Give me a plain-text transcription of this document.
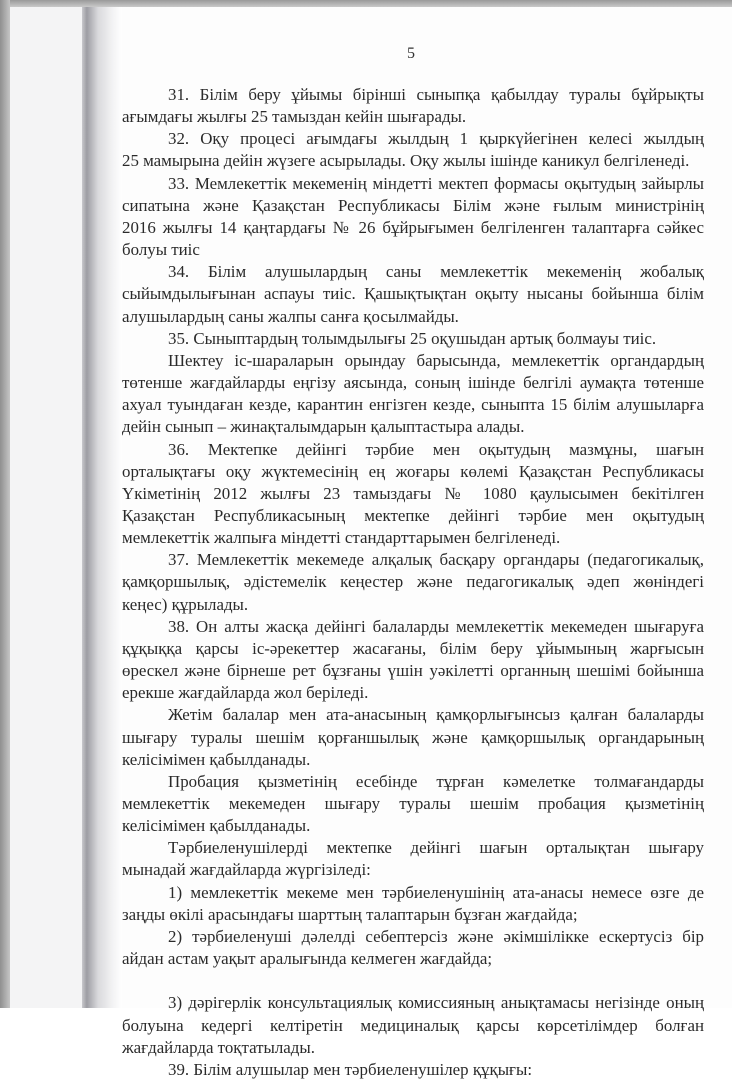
5
31. Білім беру ұйымы бірінші сыныпқа қабылдау туралы бұйрықты
ағымдағы жылғы 25 тамыздан кейін шығарады.
32. Оқу процесі ағымдағы жылдың 1 қыркүйегінен келесі жылдың
25 мамырына дейін жүзеге асырылады. Оқу жылы ішінде каникул белгіленеді.
33. Мемлекеттік мекеменің міндетті мектеп формасы оқытудың зайырлы
сипатына және Қазақстан Республикасы Білім және ғылым министрінің
2016 жылғы 14 қаңтардағы № 26 бұйрығымен белгіленген талаптарға сәйкес
болуы тиіс
34. Білім алушылардың саны мемлекеттік мекеменің жобалық
сыйымдылығынан аспауы тиіс. Қашықтықтан оқыту нысаны бойынша білім
алушылардың саны жалпы санға қосылмайды.
35. Сыныптардың толымдылығы 25 оқушыдан артық болмауы тиіс.
Шектеу іс-шараларын орындау барысында, мемлекеттік органдардың
төтенше жағдайларды еңгізу аясында, соның ішінде белгілі аумақта төтенше
ахуал туындаған кезде, карантин енгізген кезде, сыныпта 15 білім алушыларға
дейін сынып – жинақталымдарын қалыптастыра алады.
36. Мектепке дейінгі тәрбие мен оқытудың мазмұны, шағын
орталықтағы оқу жүктемесінің ең жоғары көлемі Қазақстан Республикасы
Үкіметінің 2012 жылғы 23 тамыздағы № 1080 қаулысымен бекітілген
Қазақстан Республикасының мектепке дейінгі тәрбие мен оқытудың
мемлекеттік жалпыға міндетті стандарттарымен белгіленеді.
37. Мемлекеттік мекемеде алқалық басқару органдары (педагогикалық,
қамқоршылық, әдістемелік кеңестер және педагогикалық әдеп жөніндегі
кеңес) құрылады.
38. Он алты жасқа дейінгі балаларды мемлекеттік мекемеден шығаруға
құқыққа қарсы іс-әрекеттер жасағаны, білім беру ұйымының жарғысын
өрескел және бірнеше рет бұзғаны үшін уәкілетті органның шешімі бойынша
ерекше жағдайларда жол беріледі.
Жетім балалар мен ата-анасының қамқорлығынсыз қалған балаларды
шығару туралы шешім қорғаншылық және қамқоршылық органдарының
келісімімен қабылданады.
Пробация қызметінің есебінде тұрған кәмелетке толмағандарды
мемлекеттік мекемеден шығару туралы шешім пробация қызметінің
келісімімен қабылданады.
Тәрбиеленушілерді мектепке дейінгі шағын орталықтан шығару
мынадай жағдайларда жүргізіледі:
1) мемлекеттік мекеме мен тәрбиеленушінің ата-анасы немесе өзге де
заңды өкілі арасындағы шарттың талаптарын бұзған жағдайда;
2) тәрбиеленуші дәлелді себептерсіз және әкімшілікке ескертусіз бір
айдан астам уақыт аралығында келмеген жағдайда;
3) дәрігерлік консультациялық комиссияның анықтамасы негізінде оның
болуына кедергі келтіретін медициналық қарсы көрсетілімдер болған
жағдайларда тоқтатылады.
39. Білім алушылар мен тәрбиеленушілер құқығы:
